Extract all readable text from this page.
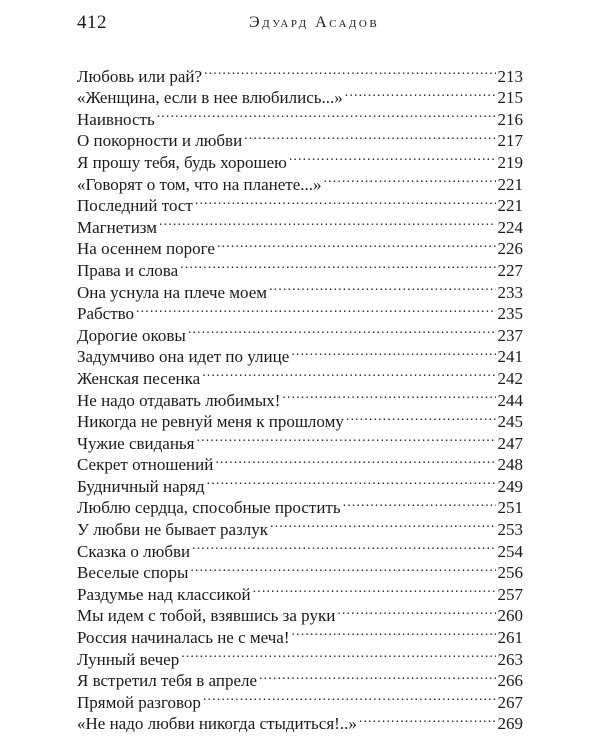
412	Эдуард Асадов
Любовь или рай? . . .	213
«Женщина, если в нее влюбились...» . . .	215
Наивность . . .	216
О покорности и любви . . .	217
Я прошу тебя, будь хорошею . . .	219
«Говорят о том, что на планете...» . . .	221
Последний тост . . .	221
Магнетизм . . .	224
На осеннем пороге . . .	226
Права и слова . . .	227
Она уснула на плече моем . . .	233
Рабство . . .	235
Дорогие оковы . . .	237
Задумчиво она идет по улице . . .	241
Женская песенка . . .	242
Не надо отдавать любимых! . . .	244
Никогда не ревнуй меня к прошлому . . .	245
Чужие свиданья . . .	247
Секрет отношений . . .	248
Будничный наряд . . .	249
Люблю сердца, способные простить . . .	251
У любви не бывает разлук . . .	253
Сказка о любви . . .	254
Веселые споры . . .	256
Раздумье над классикой . . .	257
Мы идем с тобой, взявшись за руки . . .	260
Россия начиналась не с меча! . . .	261
Лунный вечер . . .	263
Я встретил тебя в апреле . . .	266
Прямой разговор . . .	267
«Не надо любви никогда стыдиться!..» . . .	269
